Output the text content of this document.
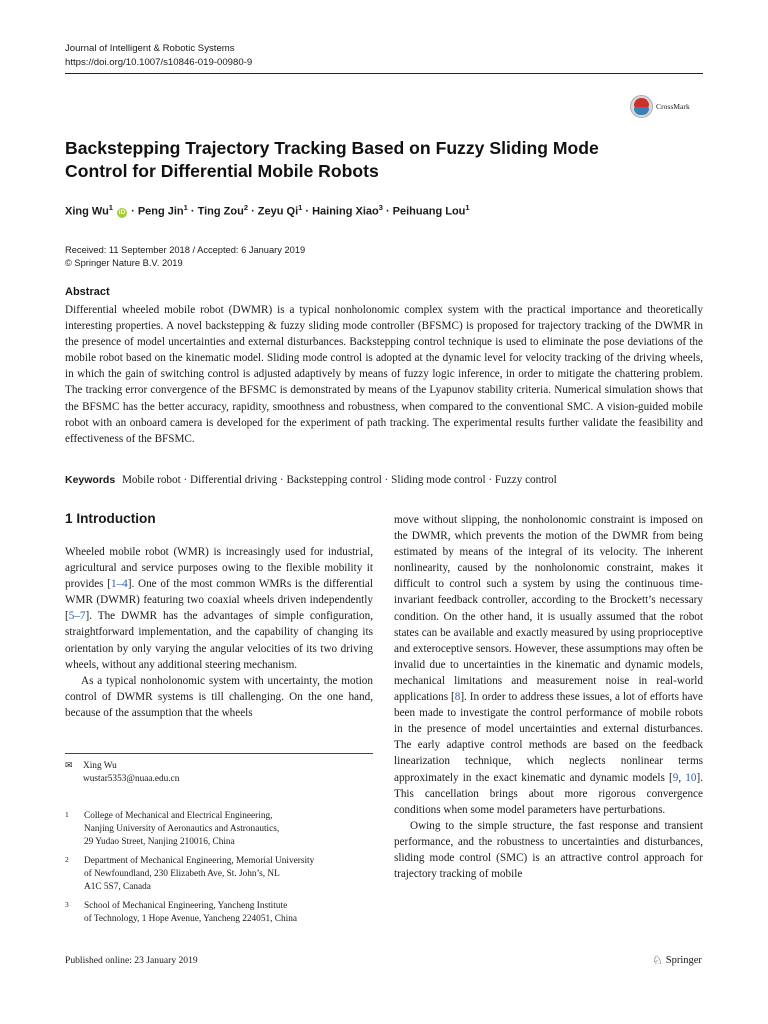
Journal of Intelligent & Robotic Systems
https://doi.org/10.1007/s10846-019-00980-9
CrossMark
Backstepping Trajectory Tracking Based on Fuzzy Sliding Mode Control for Differential Mobile Robots
Xing Wu$^1$ iD · Peng Jin$^1$ · Ting Zou$^2$ · Zeyu $Qi^1$ · Haining Xiao$^3$ · Peihuang Lou$^1$
Received: 11 September 2018 / Accepted: 6 January 2019
© Springer Nature B.V. 2019
Abstract
Differential wheeled mobile robot (DWMR) is a typical nonholonomic complex system with the practical importance and theoretically interesting properties. A novel backstepping & fuzzy sliding mode controller (BFSMC) is proposed for trajectory tracking of the DWMR in the presence of model uncertainties and external disturbances. Backstepping control technique is used to eliminate the pose deviations of the mobile robot based on the kinematic model. Sliding mode control is adopted at the dynamic level for velocity tracking of the driving wheels, in which the gain of switching control is adjusted adaptively by means of fuzzy logic inference, in order to mitigate the chattering problem. The tracking error convergence of the BFSMC is demonstrated by means of the Lyapunov stability criteria. Numerical simulation shows that the BFSMC has the better accuracy, rapidity, smoothness and robustness, when compared to the conventional SMC. A vision-guided mobile robot with an onboard camera is developed for the experiment of path tracking. The experimental results further validate the feasibility and effectiveness of the BFSMC.
Keywords Mobile robot · Differential driving · Backstepping control · Sliding mode control · Fuzzy control
1 Introduction

Wheeled mobile robot (WMR) is increasingly used for industrial, agricultural and service purposes owing to the flexible mobility it provides [1–4]. One of the most common WMRs is the differential WMR (DWMR) featuring two coaxial wheels driven independently [5–7]. The DWMR has the advantages of simple configuration, straightforward implementation, and the capability of changing its orientation by only varying the angular velocities of its two driving wheels, without any additional steering mechanism.

As a typical nonholonomic system with uncertainty, the motion control of DWMR systems is till challenging. On the one hand, because of the assumption that the wheels

move without slipping, the nonholonomic constraint is imposed on the DWMR, which prevents the motion of the DWMR from being estimated by means of the integral of its velocity. The inherent nonlinearity, caused by the nonholonomic constraint, makes it difficult to control such a system by using the continuous time-invariant feedback controller, according to the Brockett’s necessary condition. On the other hand, it is usually assumed that the robot states can be available and exactly measured by using proprioceptive and exteroceptive sensors. However, these assumptions may often be invalid due to uncertainties in the kinematic and dynamic models, mechanical limitations and measurement noise in real-world applications [8]. In order to address these issues, a lot of efforts have been made to investigate the control performance of mobile robots in the presence of model uncertainties and external disturbances. The early adaptive control methods are based on the feedback linearization technique, which neglects nonlinear terms approximately in the exact kinematic and dynamic models [9, 10]. This cancellation brings about more rigorous convergence conditions when some model parameters have perturbations.

Owing to the simple structure, the fast response and transient performance, and the robustness to uncertainties and disturbances, sliding mode control (SMC) is an attractive control approach for trajectory tracking of mobile

✉ Xing Wu
wustar5353@nuaa.edu.cn
1 College of Mechanical and Electrical Engineering,
Nanjing University of Aeronautics and Astronautics,
29 Yudao Street, Nanjing 210016, China
2 Department of Mechanical Engineering, Memorial University
of Newfoundland, 230 Elizabeth Ave, St. John’s, NL
A1C 5S7, Canada
3 School of Mechanical Engineering, Yancheng Institute
of Technology, 1 Hope Avenue, Yancheng 224051, China
Published online: 23 January 2019	♘ Springer
